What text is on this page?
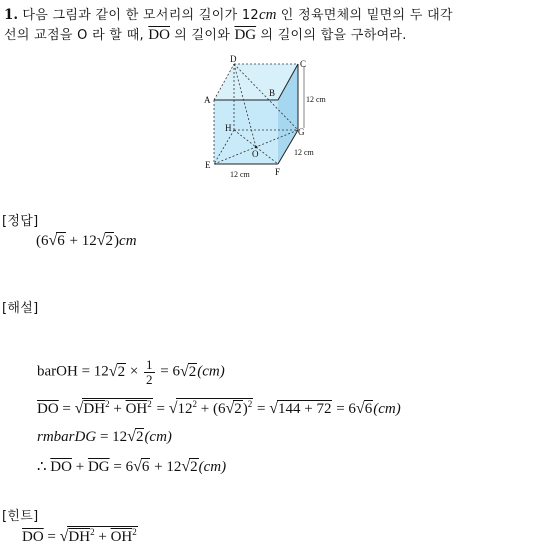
1. 다음 그림과 같이 한 모서리의 길이가 12cm 인 정육면체의 밑면의 두 대각
선의 교점을 O 라 할 때, $\overline{DO}$ 의 길이와 $\overline{DG}$ 의 길이의 합을 구하여라.
D	C
A
B
H	G
O
E
F
12 cm
12 cm
12 cm
[정답]
(6√6 + 12√2)cm
[해설]
barOH = $12√2 \times \frac{1}{2} = 6√2(cm)$
$\overline{DO} = √DH^2 + \overline{OH}^2 = √12^2 + (6√2)^2 = √144 + 72 = 6√6(cm)$
rmbarDG = 12√2(cm)
∴ $\overline{DO} + \overline{DG} = 6√6 + 12√2(cm)$
[힌트]
$\overline{DO} = √DH^2 + \overline{OH}^2$
